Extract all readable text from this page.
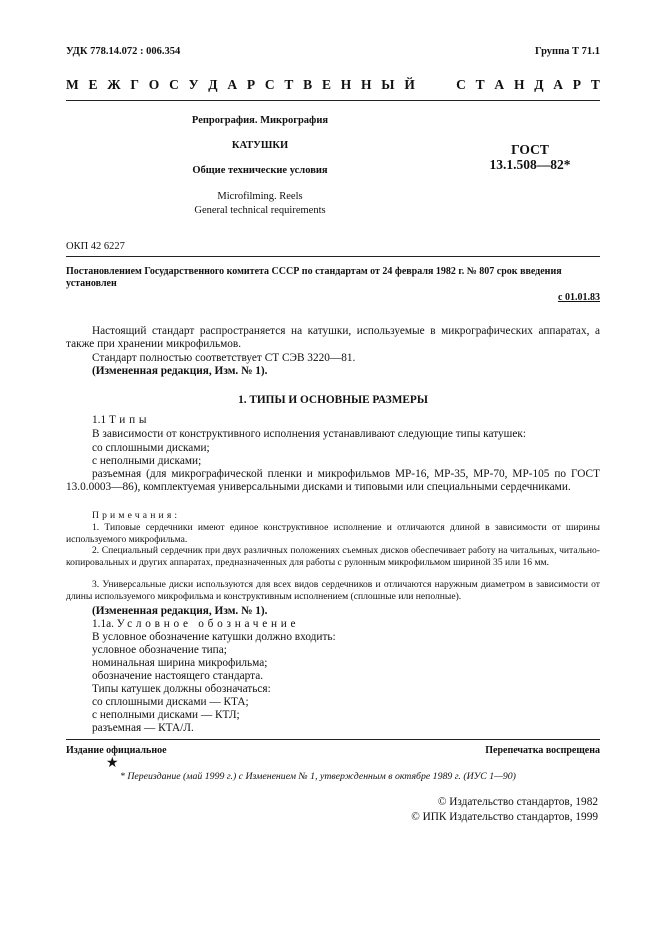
УДК 778.14.072 : 006.354	Группа Т 71.1
М Е Ж Г О С У Д А Р С Т В Е Н Н Ы Й	С Т А Н Д А Р Т
Репрография. Микрография
КАТУШКИ
Общие технические условия
Microfilming. Reels
General technical requirements
ГОСТ
13.1.508—82*
ОКП 42 6227
Постановлением Государственного комитета СССР по стандартам от 24 февраля 1982 г. № 807 срок введения установлен
с 01.01.83
Настоящий стандарт распространяется на катушки, используемые в микрографических аппаратах, а также при хранении микрофильмов.
Стандарт полностью соответствует СТ СЭВ 3220—81.
(Измененная редакция, Изм. № 1).
1. ТИПЫ И ОСНОВНЫЕ РАЗМЕРЫ
1.1 Типы
В зависимости от конструктивного исполнения устанавливают следующие типы катушек:
со сплошными дисками;
с неполными дисками;
разъемная (для микрографической пленки и микрофильмов МР-16, МР-35, МР-70, МР-105 по ГОСТ 13.0.0003—86), комплектуемая универсальными дисками и типовыми или специальными сердечниками.
Примечания:
1. Типовые сердечники имеют единое конструктивное исполнение и отличаются длиной в зависимости от ширины используемого микрофильма.
2. Специальный сердечник при двух различных положениях съемных дисков обеспечивает работу на читальных, читально-копировальных и других аппаратах, предназначенных для работы с рулонным микрофильмом шириной 35 или 16 мм.
3. Универсальные диски используются для всех видов сердечников и отличаются наружным диаметром в зависимости от длины используемого микрофильма и конструктивным исполнением (сплошные или неполные).
(Измененная редакция, Изм. № 1).
1.1а. Условное обозначение
В условное обозначение катушки должно входить:
условное обозначение типа;
номинальная ширина микрофильма;
обозначение настоящего стандарта.
Типы катушек должны обозначаться:
со сплошными дисками — КТА;
с неполными дисками — КТЛ;
разъемная — КТА/Л.
Издание официальное	Перепечатка воспрещена
★
* Переиздание (май 1999 г.) с Изменением № 1, утвержденным в октябре 1989 г. (ИУС 1—90)
© Издательство стандартов, 1982
© ИПК Издательство стандартов, 1999
